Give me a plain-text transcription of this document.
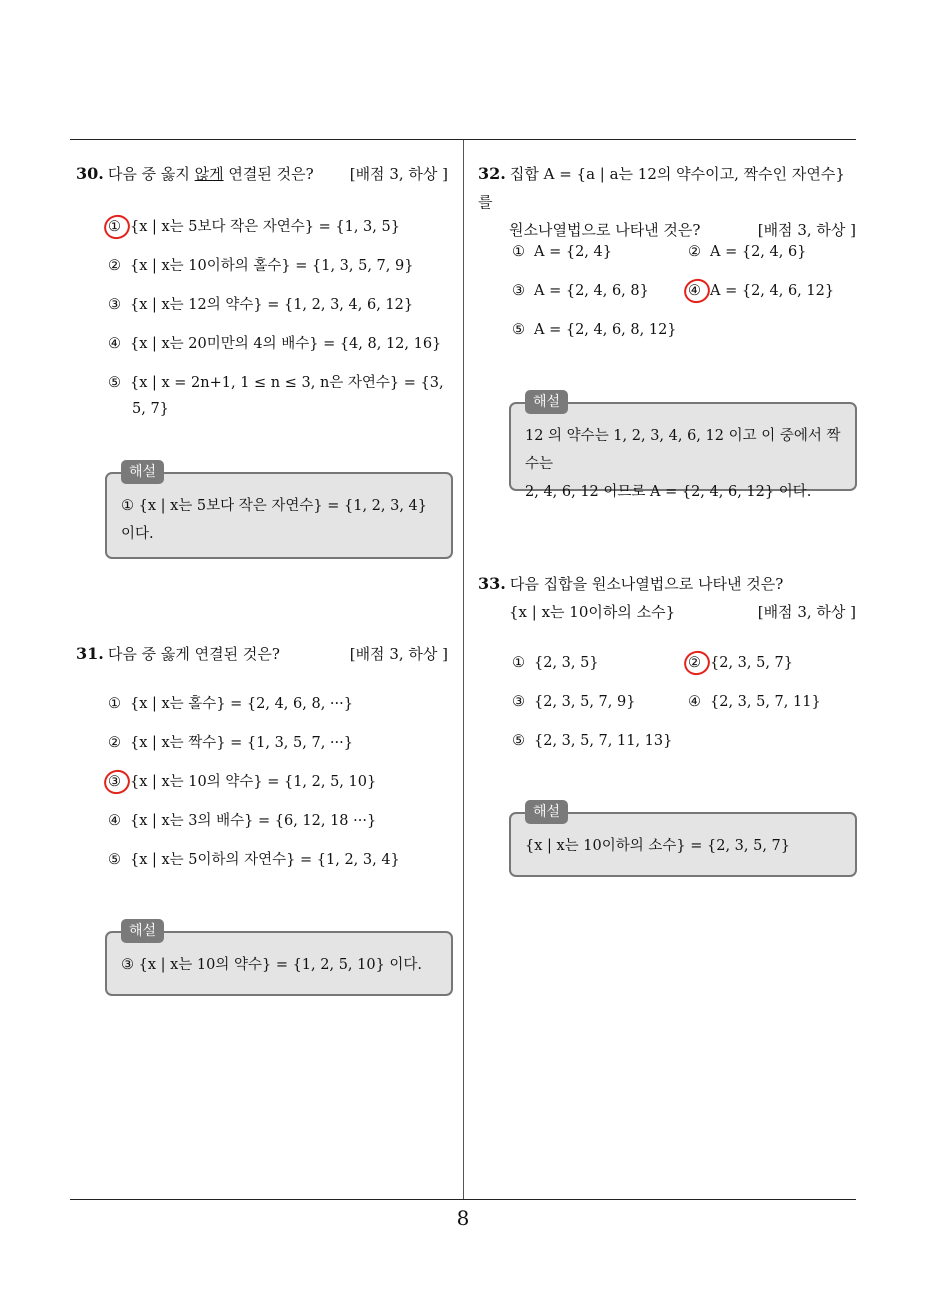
30. 다음 중 옳지 않게 연결된 것은? [배점 3, 하상 ]
① {x | x는 5보다 작은 자연수} = {1, 3, 5}
② {x | x는 10이하의 홀수} = {1, 3, 5, 7, 9}
③ {x | x는 12의 약수} = {1, 2, 3, 4, 6, 12}
④ {x | x는 20미만의 4의 배수} = {4, 8, 12, 16}
⑤ {x | x = 2n+1, 1 ≤ n ≤ 3, n은 자연수} = {3,
5, 7}
해설
① {x | x는 5보다 작은 자연수} = {1, 2, 3, 4}
이다.
31. 다음 중 옳게 연결된 것은?	[배점 3, 하상 ]
① {x | x는 홀수} = {2, 4, 6, 8, ···}
② {x | x는 짝수} = {1, 3, 5, 7, ···}
③ {x | x는 10의 약수} = {1, 2, 5, 10}
④ {x | x는 3의 배수} = {6, 12, 18 ···}
⑤ {x | x는 5이하의 자연수} = {1, 2, 3, 4}
해설
③ {x | x는 10의 약수} = {1, 2, 5, 10} 이다.
32. 집합 A = {a | a는 12의 약수이고, 짝수인 자연수}를
원소나열법으로 나타낸 것은?	[배점 3, 하상 ]
① A = {2, 4}	② A = {2, 4, 6}
③ A = {2, 4, 6, 8}	④ A = {2, 4, 6, 12}
⑤ A = {2, 4, 6, 8, 12}
해설
12 의 약수는 1, 2, 3, 4, 6, 12 이고 이 중에서 짝수는
2, 4, 6, 12 이므로 A = {2, 4, 6, 12} 이다.
33. 다음 집합을 원소나열법으로 나타낸 것은?
{x | x는 10이하의 소수}	[배점 3, 하상 ]
① {2, 3, 5}	② {2, 3, 5, 7}
③ {2, 3, 5, 7, 9}	④ {2, 3, 5, 7, 11}
⑤ {2, 3, 5, 7, 11, 13}
해설
{x | x는 10이하의 소수} = {2, 3, 5, 7}
8
